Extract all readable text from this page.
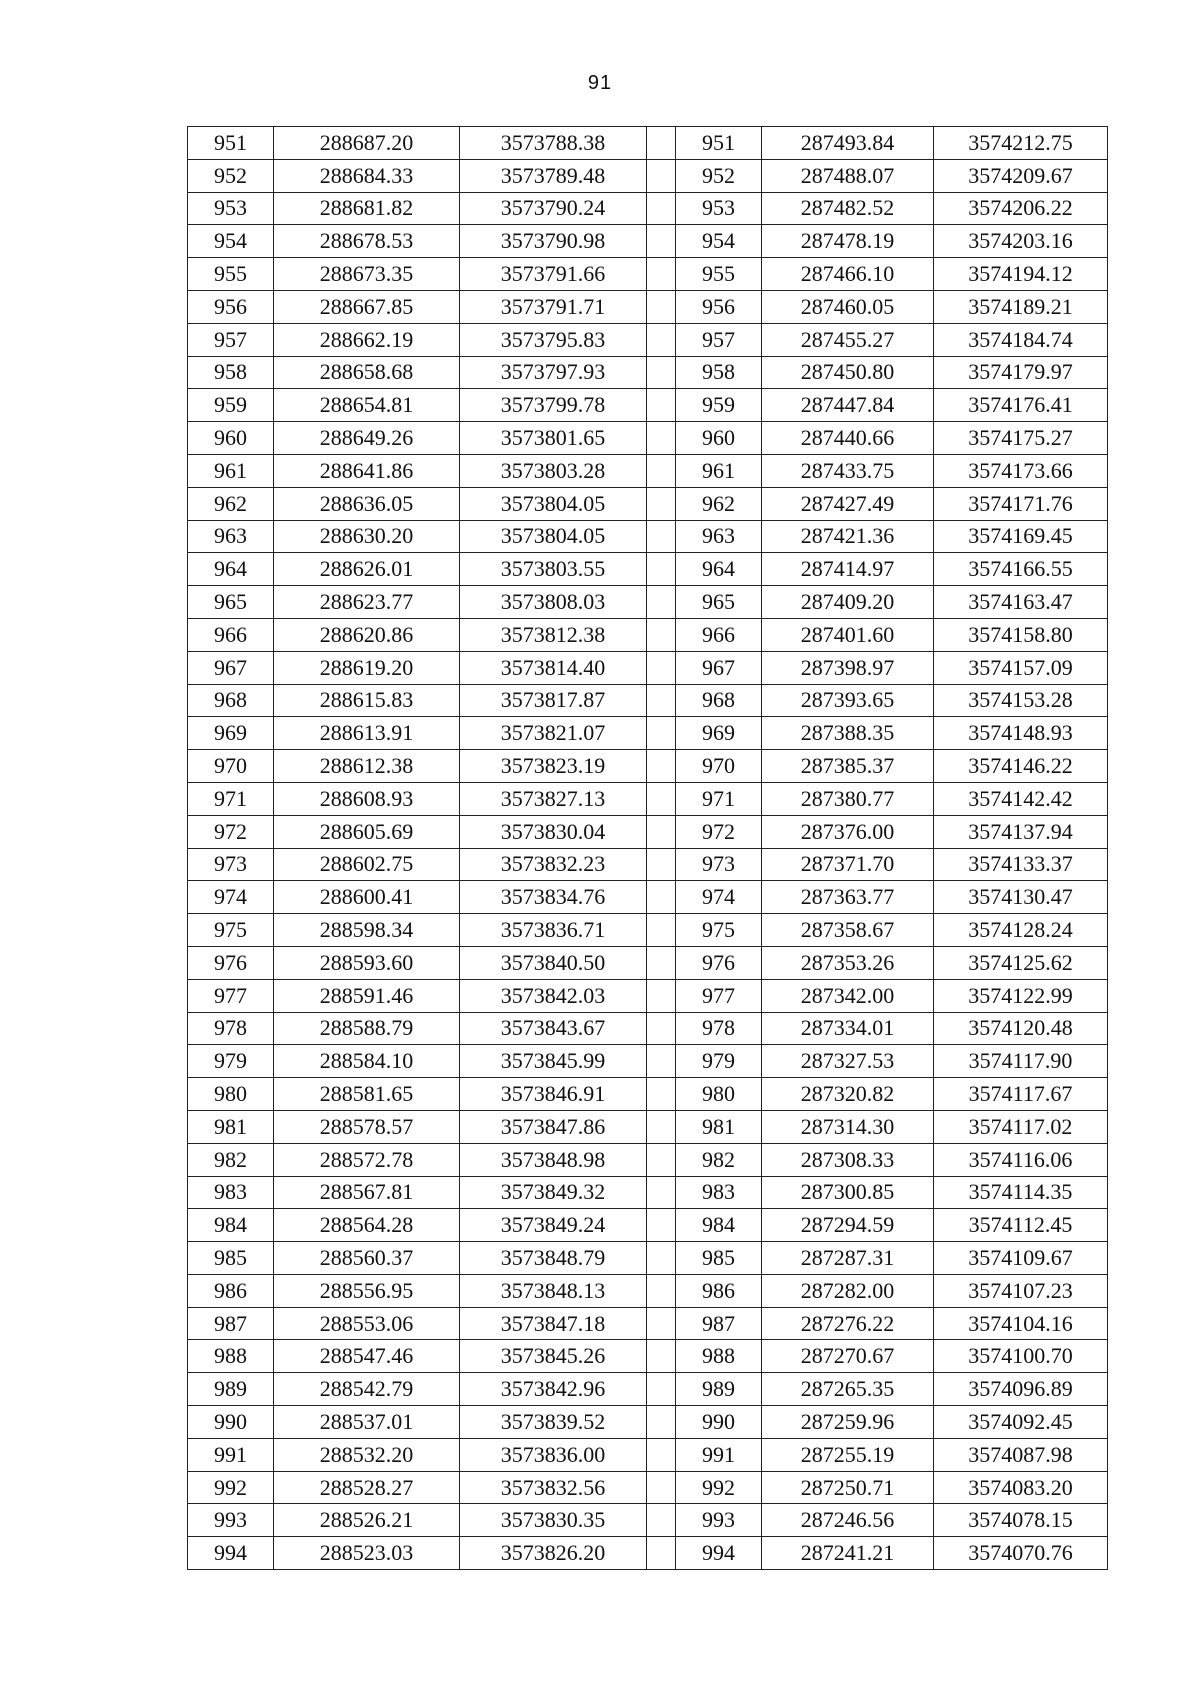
91
951	288687.20	3573788.38		951	287493.84	3574212.75
952	288684.33	3573789.48		952	287488.07	3574209.67
953	288681.82	3573790.24		953	287482.52	3574206.22
954	288678.53	3573790.98		954	287478.19	3574203.16
955	288673.35	3573791.66		955	287466.10	3574194.12
956	288667.85	3573791.71		956	287460.05	3574189.21
957	288662.19	3573795.83		957	287455.27	3574184.74
958	288658.68	3573797.93		958	287450.80	3574179.97
959	288654.81	3573799.78		959	287447.84	3574176.41
960	288649.26	3573801.65		960	287440.66	3574175.27
961	288641.86	3573803.28		961	287433.75	3574173.66
962	288636.05	3573804.05		962	287427.49	3574171.76
963	288630.20	3573804.05		963	287421.36	3574169.45
964	288626.01	3573803.55		964	287414.97	3574166.55
965	288623.77	3573808.03		965	287409.20	3574163.47
966	288620.86	3573812.38		966	287401.60	3574158.80
967	288619.20	3573814.40		967	287398.97	3574157.09
968	288615.83	3573817.87		968	287393.65	3574153.28
969	288613.91	3573821.07		969	287388.35	3574148.93
970	288612.38	3573823.19		970	287385.37	3574146.22
971	288608.93	3573827.13		971	287380.77	3574142.42
972	288605.69	3573830.04		972	287376.00	3574137.94
973	288602.75	3573832.23		973	287371.70	3574133.37
974	288600.41	3573834.76		974	287363.77	3574130.47
975	288598.34	3573836.71		975	287358.67	3574128.24
976	288593.60	3573840.50		976	287353.26	3574125.62
977	288591.46	3573842.03		977	287342.00	3574122.99
978	288588.79	3573843.67		978	287334.01	3574120.48
979	288584.10	3573845.99		979	287327.53	3574117.90
980	288581.65	3573846.91		980	287320.82	3574117.67
981	288578.57	3573847.86		981	287314.30	3574117.02
982	288572.78	3573848.98		982	287308.33	3574116.06
983	288567.81	3573849.32		983	287300.85	3574114.35
984	288564.28	3573849.24		984	287294.59	3574112.45
985	288560.37	3573848.79		985	287287.31	3574109.67
986	288556.95	3573848.13		986	287282.00	3574107.23
987	288553.06	3573847.18		987	287276.22	3574104.16
988	288547.46	3573845.26		988	287270.67	3574100.70
989	288542.79	3573842.96		989	287265.35	3574096.89
990	288537.01	3573839.52		990	287259.96	3574092.45
991	288532.20	3573836.00		991	287255.19	3574087.98
992	288528.27	3573832.56		992	287250.71	3574083.20
993	288526.21	3573830.35		993	287246.56	3574078.15
994	288523.03	3573826.20		994	287241.21	3574070.76
